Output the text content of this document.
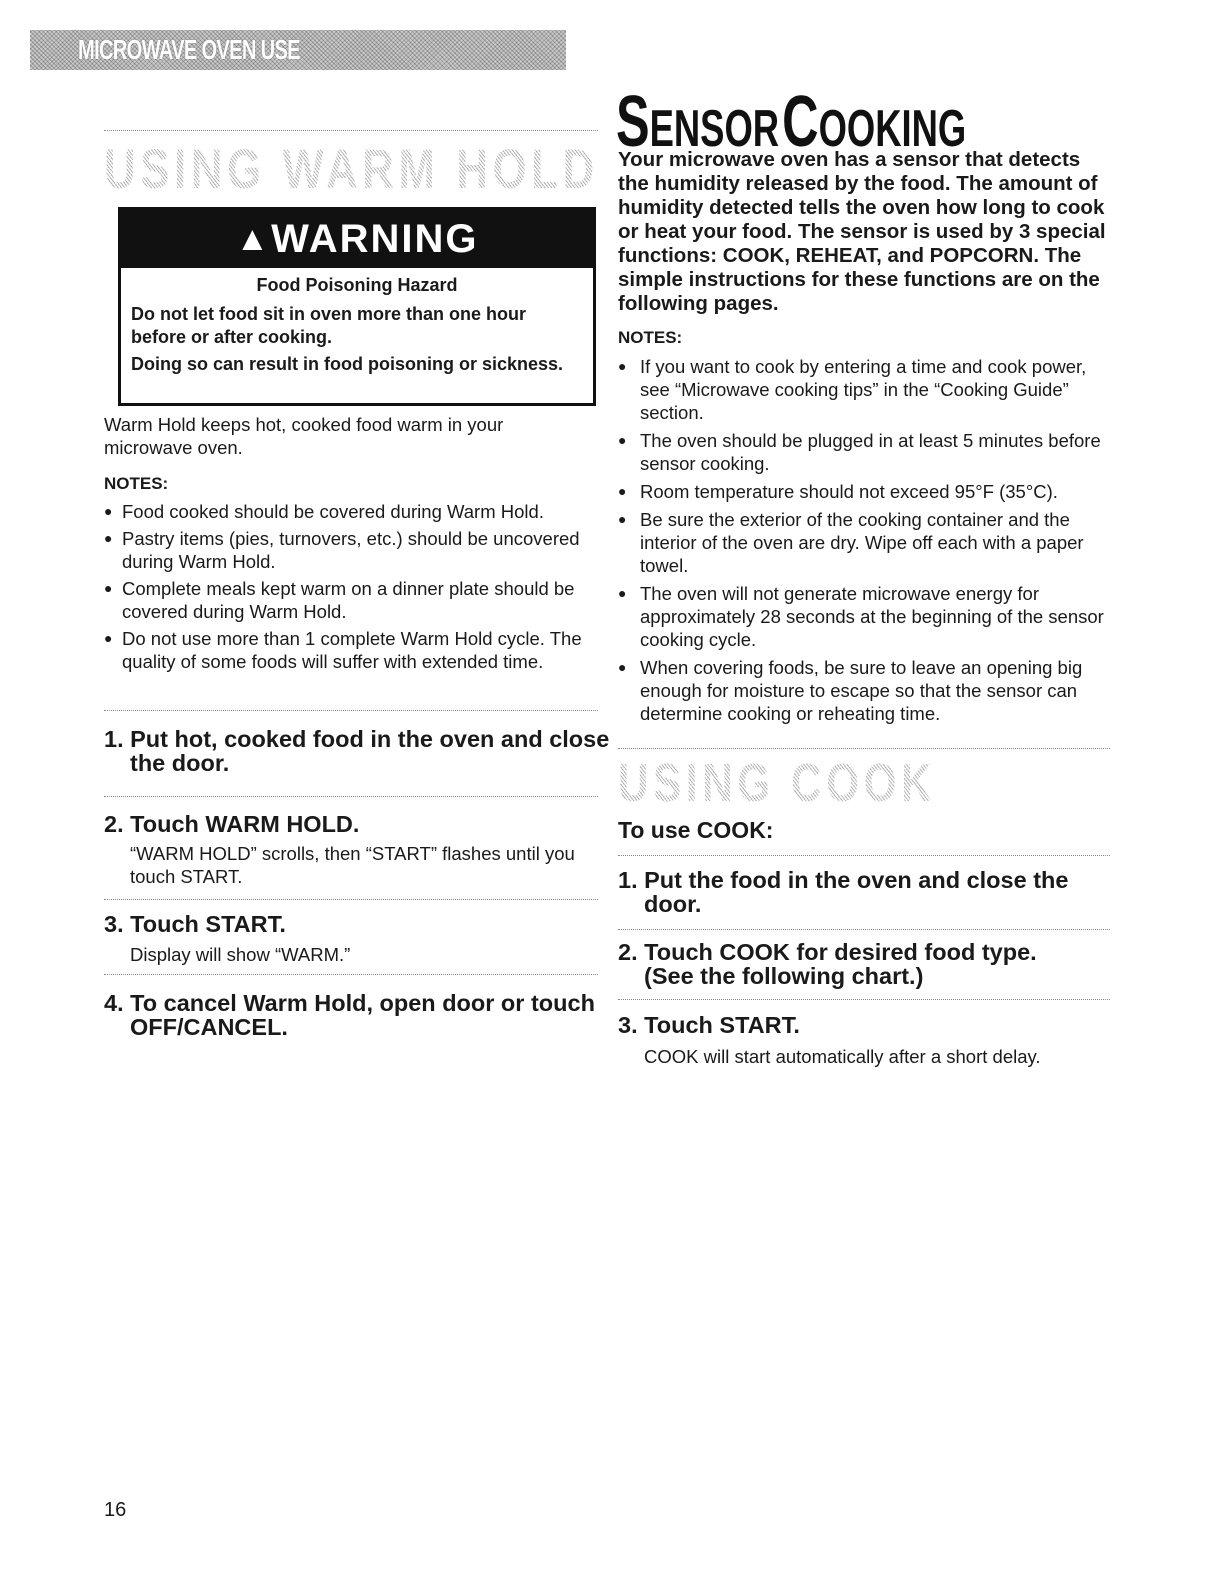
MICROWAVE OVEN USE
USING WARM HOLD
▲ WARNING

Food Poisoning Hazard

Do not let food sit in oven more than one hour before or after cooking.

Doing so can result in food poisoning or sickness.

Warm Hold keeps hot, cooked food warm in your microwave oven.

NOTES:

● Food cooked should be covered during Warm Hold.
● Pastry items (pies, turnovers, etc.) should be uncovered during Warm Hold.
● Complete meals kept warm on a dinner plate should be covered during Warm Hold.
● Do not use more than 1 complete Warm Hold cycle. The quality of some foods will suffer with extended time.

1. Put hot, cooked food in the oven and close the door.

2. Touch WARM HOLD.

“WARM HOLD” scrolls, then “START” flashes until you touch START.

3. Touch START.

Display will show “WARM.”

4. To cancel Warm Hold, open door or touch OFF/CANCEL.

SENSOR COOKING

Your microwave oven has a sensor that detects the humidity released by the food. The amount of humidity detected tells the oven how long to cook or heat your food. The sensor is used by 3 special functions: COOK, REHEAT, and POPCORN. The simple instructions for these functions are on the following pages.

NOTES:

● If you want to cook by entering a time and cook power, see “Microwave cooking tips” in the “Cooking Guide” section.
● The oven should be plugged in at least 5 minutes before sensor cooking.
● Room temperature should not exceed 95°F (35°C).
● Be sure the exterior of the cooking container and the interior of the oven are dry. Wipe off each with a paper towel.
● The oven will not generate microwave energy for approximately 28 seconds at the beginning of the sensor cooking cycle.
● When covering foods, be sure to leave an opening big enough for moisture to escape so that the sensor can determine cooking or reheating time.
USING COOK

To use COOK:

1. Put the food in the oven and close the door.

2. Touch COOK for desired food type. (See the following chart.)

3. Touch START.

COOK will start automatically after a short delay.

16
